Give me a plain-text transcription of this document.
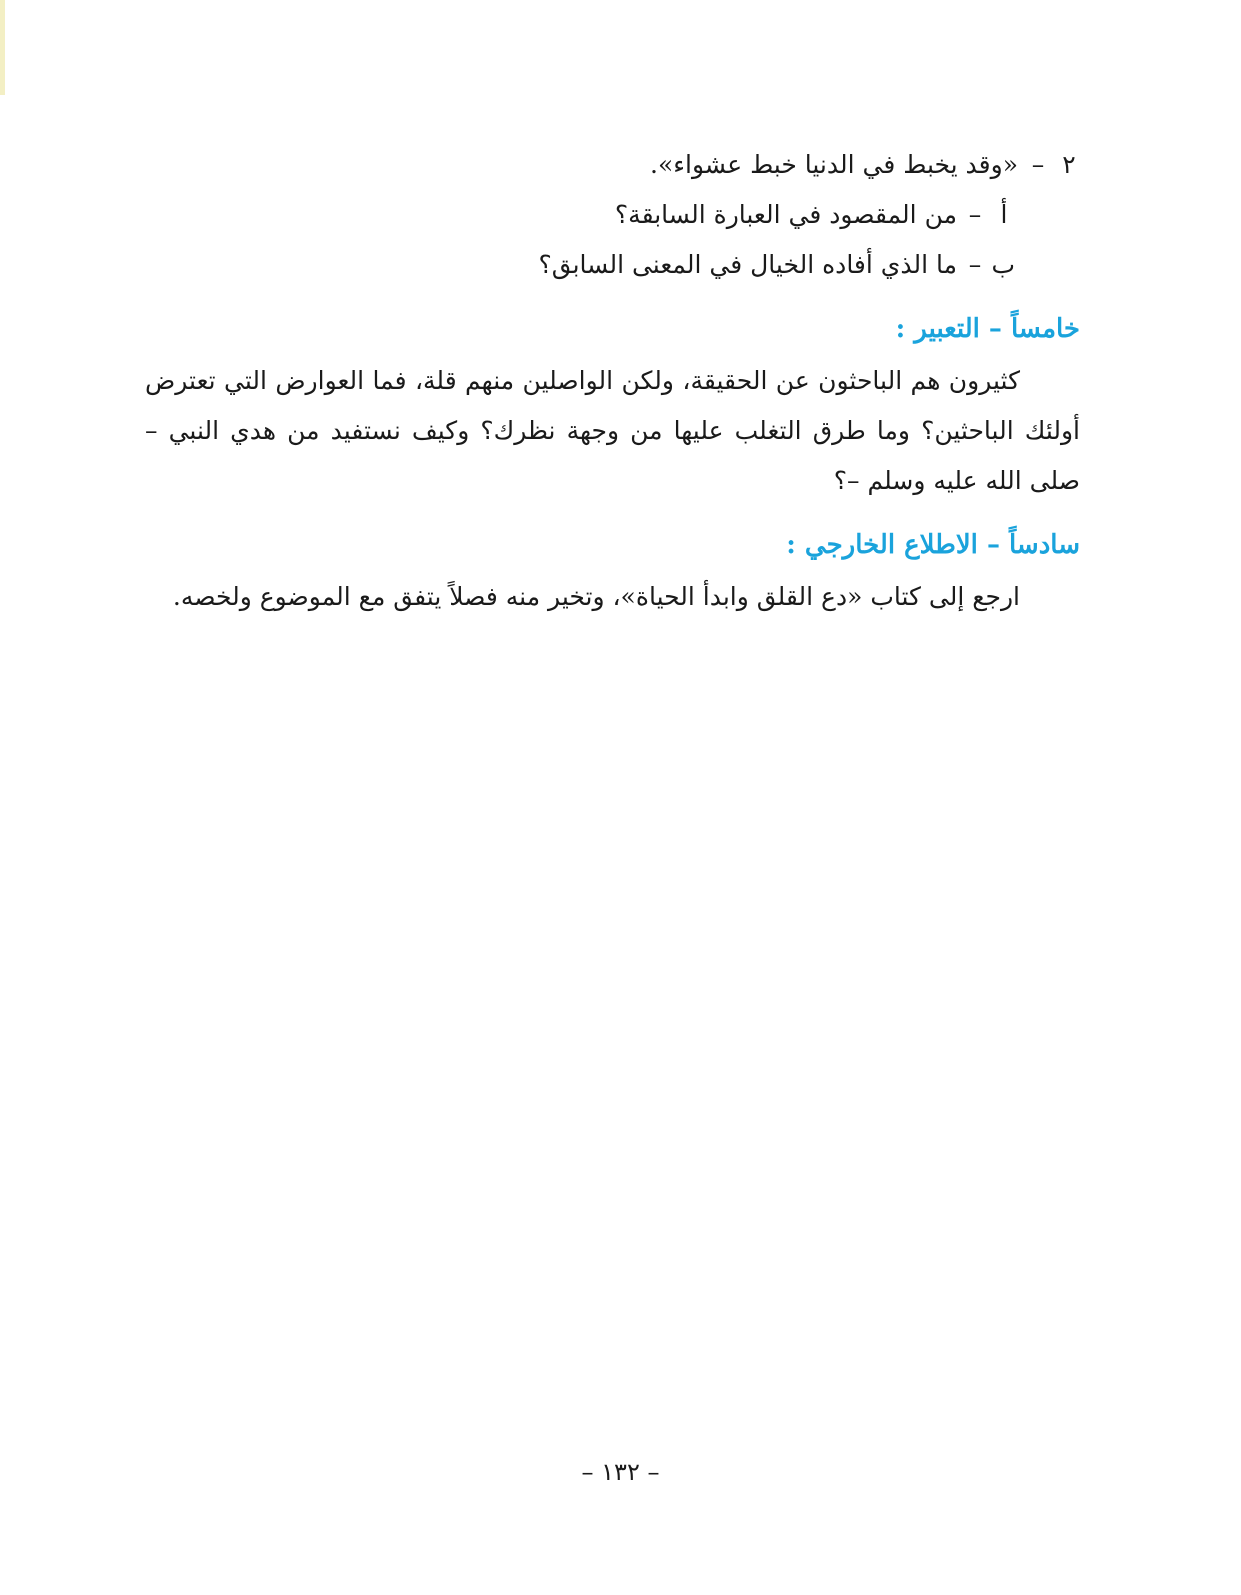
٢
–
«وقد يخبط في الدنيا خبط عشواء».
أ
–
من المقصود في العبارة السابقة؟
ب
–
ما الذي أفاده الخيال في المعنى السابق؟
خامساً – التعبير :
كثيرون هم الباحثون عن الحقيقة، ولكن الواصلين منهم قلة، فما العوارض التي تعترض أولئك الباحثين؟ وما طرق التغلب عليها من وجهة نظرك؟ وكيف نستفيد من هدي النبي – صلى الله عليه وسلم –؟
سادساً – الاطلاع الخارجي :
ارجع إلى كتاب «دع القلق وابدأ الحياة»، وتخير منه فصلاً يتفق مع الموضوع ولخصه.
– ١٣٢ –
